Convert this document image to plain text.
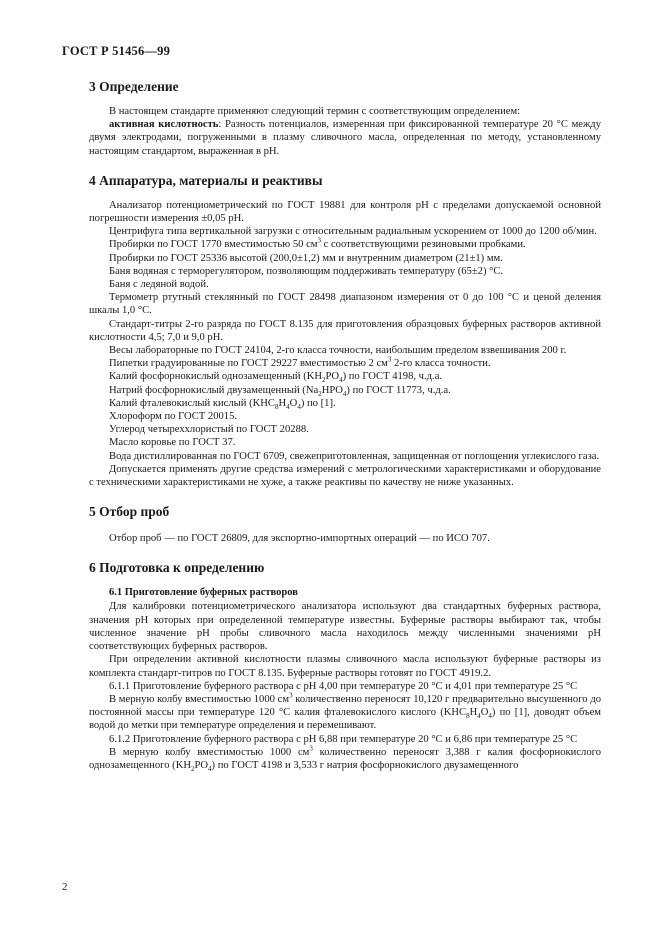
ГОСТ Р 51456—99
3 Определение

В настоящем стандарте применяют следующий термин с соответствующим определением:

активная кислотность: Разность потенциалов, измеренная при фиксированной температуре 20 °С между двумя электродами, погруженными в плазму сливочного масла, определенная по методу, установленному настоящим стандартом, выраженная в pH.

4 Аппаратура, материалы и реактивы

Анализатор потенциометрический по ГОСТ 19881 для контроля pH с пределами допускаемой основной погрешности измерения ±0,05 pH.

Центрифуга типа вертикальной загрузки с относительным радиальным ускорением от 1000 до 1200 об/мин.

Пробирки по ГОСТ 1770 вместимостью 50 $см^3$ с соответствующими резиновыми пробками.

Пробирки по ГОСТ 25336 высотой (200,0±1,2) мм и внутренним диаметром (21±1) мм.

Баня водяная с терморегулятором, позволяющим поддерживать температуру (65±2) °С.

Баня с ледяной водой.

Термометр ртутный стеклянный по ГОСТ 28498 диапазоном измерения от 0 до 100 °С и ценой деления шкалы 1,0 °С.

Стандарт-титры 2-го разряда по ГОСТ 8.135 для приготовления образцовых буферных растворов активной кислотности 4,5; 7,0 и 9,0 pH.

Весы лабораторные по ГОСТ 24104, 2-го класса точности, наибольшим пределом взвешивания 200 г.

Пипетки градуированные по ГОСТ 29227 вместимостью 2 $см^3$ 2-го класса точности.

Калий фосфорнокислый однозамещенный $(KH_2PO_4)$ по ГОСТ 4198, ч.д.а.

Натрий фосфорнокислый двузамещенный $(Na_2HPO_4)$ по ГОСТ 11773, ч.д.а.

Калий фталевокислый кислый $(KHC_8H_4O_4)$ по [1].

Хлороформ по ГОСТ 20015.

Углерод четыреххлористый по ГОСТ 20288.

Масло коровье по ГОСТ 37.

Вода дистиллированная по ГОСТ 6709, свежеприготовленная, защищенная от поглощения углекислого газа.

Допускается применять другие средства измерений с метрологическими характеристиками и оборудование с техническими характеристиками не хуже, а также реактивы по качеству не ниже указанных.

5 Отбор проб

Отбор проб — по ГОСТ 26809, для экспортно-импортных операций — по ИСО 707.

6 Подготовка к определению
6.1 Приготовление буферных растворов

Для калибровки потенциометрического анализатора используют два стандартных буферных раствора, значения pH которых при определенной температуре известны. Буферные растворы выбирают так, чтобы численное значение pH пробы сливочного масла находилось между численными значениями pH соответствующих буферных растворов.

При определении активной кислотности плазмы сливочного масла используют буферные растворы из комплекта стандарт-титров по ГОСТ 8.135. Буферные растворы готовят по ГОСТ 4919.2.

6.1.1 Приготовление буферного раствора с pH 4,00 при температуре 20 °С и 4,01 при температуре 25 °С

В мерную колбу вместимостью 1000 $см^3$ количественно переносят 10,120 г предварительно высушенного до постоянной массы при температуре 120 °С калия фталевокислого кислого $(KHC_8H_4O_4)$ по [1], доводят объем водой до метки при температуре определения и перемешивают.

6.1.2 Приготовление буферного раствора с pH 6,88 при температуре 20 °С и 6,86 при температуре 25 °С

В мерную колбу вместимостью 1000 $см^3$ количественно переносят 3,388 г калия фосфорнокислого однозамещенного $(KH_2PO_4)$ по ГОСТ 4198 и 3,533 г натрия фосфорнокислого двузамещенного

2
